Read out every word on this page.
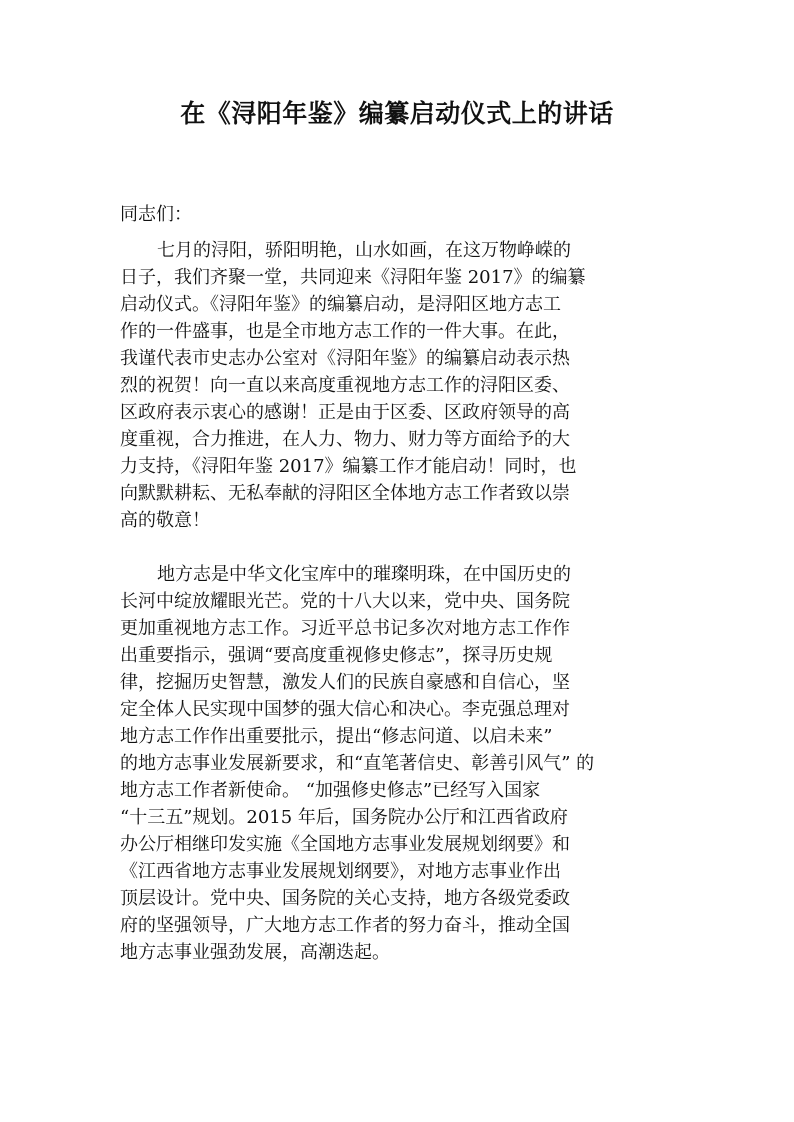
在《浔阳年鉴》编纂启动仪式上的讲话

同志们：

七月的浔阳，骄阳明艳，山水如画，在这万物峥嵘的

日子，我们齐聚一堂，共同迎来《浔阳年鉴 2017》的编纂

启动仪式。《浔阳年鉴》的编纂启动，是浔阳区地方志工

作的一件盛事，也是全市地方志工作的一件大事。在此，

我谨代表市史志办公室对《浔阳年鉴》的编纂启动表示热

烈的祝贺！向一直以来高度重视地方志工作的浔阳区委、

区政府表示衷心的感谢！正是由于区委、区政府领导的高

度重视，合力推进，在人力、物力、财力等方面给予的大

力支持，《浔阳年鉴 2017》编纂工作才能启动！同时，也

向默默耕耘、无私奉献的浔阳区全体地方志工作者致以崇

高的敬意！

地方志是中华文化宝库中的璀璨明珠，在中国历史的

长河中绽放耀眼光芒。党的十八大以来，党中央、国务院

更加重视地方志工作。习近平总书记多次对地方志工作作

出重要指示，强调“要高度重视修史修志”，探寻历史规

律，挖掘历史智慧，激发人们的民族自豪感和自信心，坚

定全体人民实现中国梦的强大信心和决心。李克强总理对

地方志工作作出重要批示，提出“修志问道、以启未来”

的地方志事业发展新要求，和“直笔著信史、彰善引风气” 的

地方志工作者新使命。 “加强修史修志”已经写入国家

“十三五”规划。2015 年后，国务院办公厅和江西省政府

办公厅相继印发实施《全国地方志事业发展规划纲要》和

《江西省地方志事业发展规划纲要》，对地方志事业作出

顶层设计。党中央、国务院的关心支持，地方各级党委政

府的坚强领导，广大地方志工作者的努力奋斗，推动全国

地方志事业强劲发展，高潮迭起。
